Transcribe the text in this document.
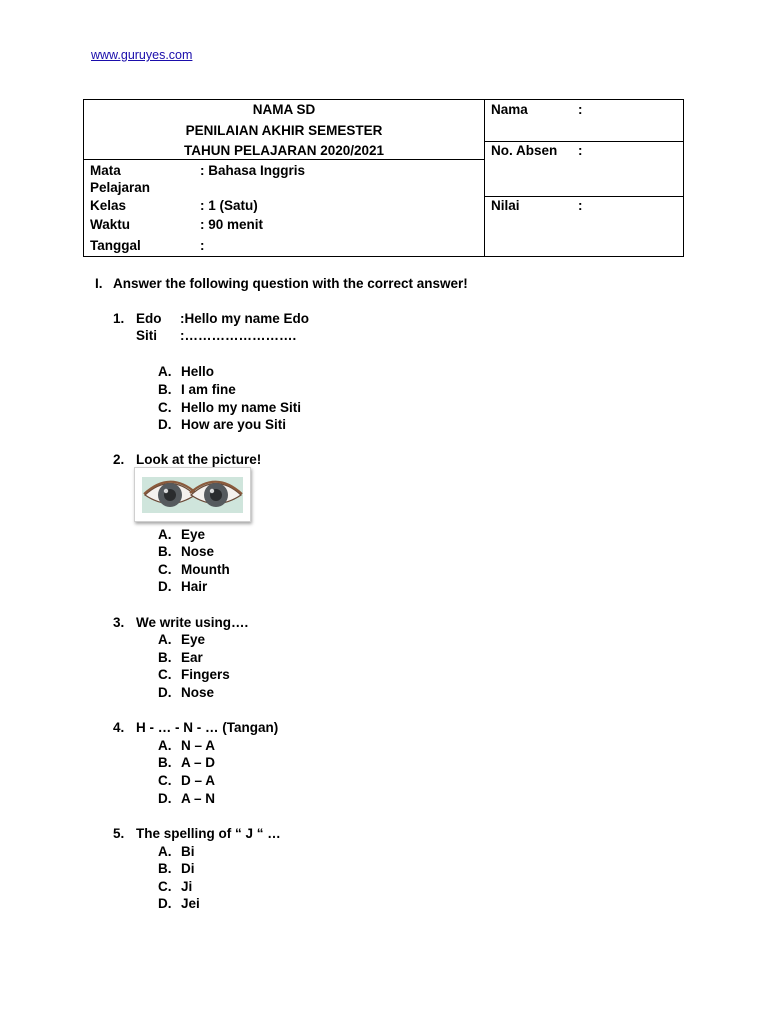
www.guruyes.com
NAMA SD
PENILAIAN AKHIR SEMESTER
TAHUN PELAJARAN 2020/2021
Mata
Pelajaran
: Bahasa Inggris
Kelas	: 1 (Satu)
Waktu	: 90 menit
Tanggal	:
Nama	:
No. Absen :
Nilai	:
I. Answer the following question with the correct answer!
1. Edo :Hello my name Edo
Siti :…………………….
A. Hello
B. I am fine
C. Hello my name Siti
D. How are you Siti
2. Look at the picture!
A. Eye
B. Nose
C. Mounth
D. Hair
3. We write using….
A. Eye
B. Ear
C. Fingers
D. Nose
4. H - … - N - … (Tangan)
A. N – A
B. A – D
C. D – A
D. A – N
5. The spelling of “ J “ …
A. Bi
B. Di
C. Ji
D. Jei
